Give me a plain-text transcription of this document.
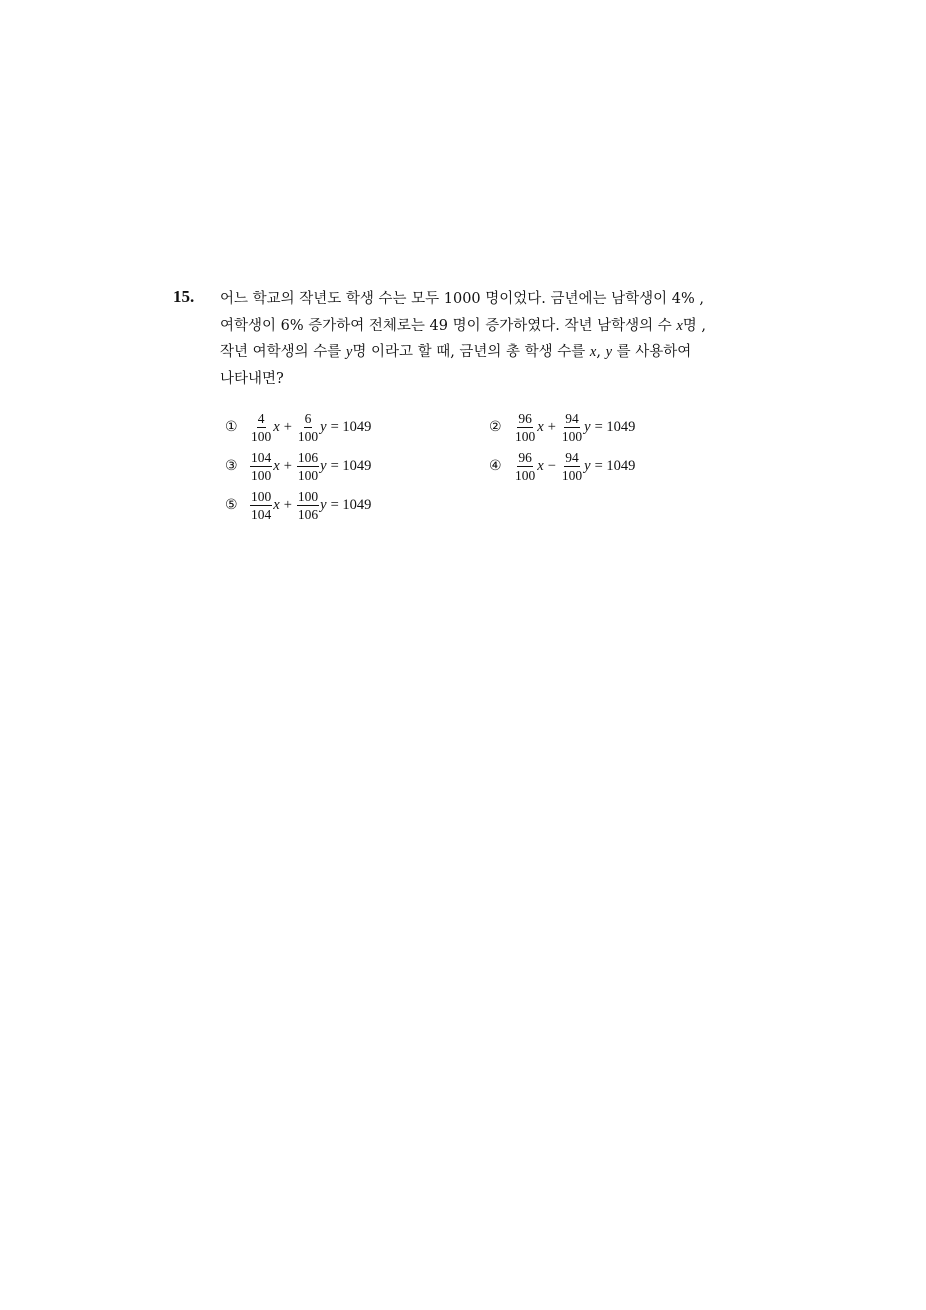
15. 어느 학교의 작년도 학생 수는 모두 1000 명이었다. 금년에는 남학생이 4% ,
여학생이 6% 증가하여 전체로는 49 명이 증가하였다. 작년 남학생의 수 x명 ,
작년 여학생의 수를 y명 이라고 할 때, 금년의 총 학생 수를 x, y 를 사용하여
나타내면?
① $\frac{4}{100}$ $x + \frac{6}{100}$ y = 1049	② $\frac{96}{100}$ $x + \frac{94}{100}$ y = 1049
③ $\frac{104}{100}$ $x + \frac{106}{100}$ y = 1049	④ $\frac{96}{100}$ $x - \frac{94}{100}$ y = 1049
⑤ $\frac{100}{104}$ $x + \frac{100}{106}$ y = 1049
